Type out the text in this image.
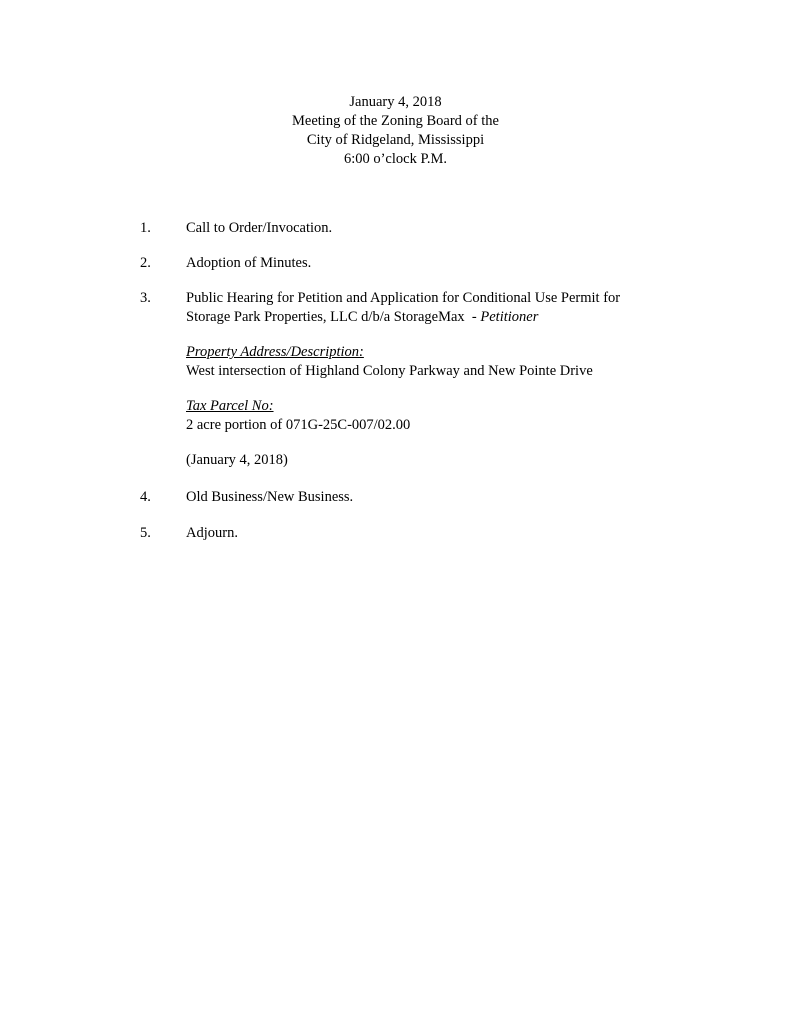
January 4, 2018
Meeting of the Zoning Board of the
City of Ridgeland, Mississippi
6:00 o’clock P.M.
1. Call to Order/Invocation.
2. Adoption of Minutes.
3. Public Hearing for Petition and Application for Conditional Use Permit for
Storage Park Properties, LLC d/b/a StorageMax - Petitioner
Property Address/Description:
West intersection of Highland Colony Parkway and New Pointe Drive
Tax Parcel No:
2 acre portion of 071G-25C-007/02.00
(January 4, 2018)
4. Old Business/New Business.
5. Adjourn.
